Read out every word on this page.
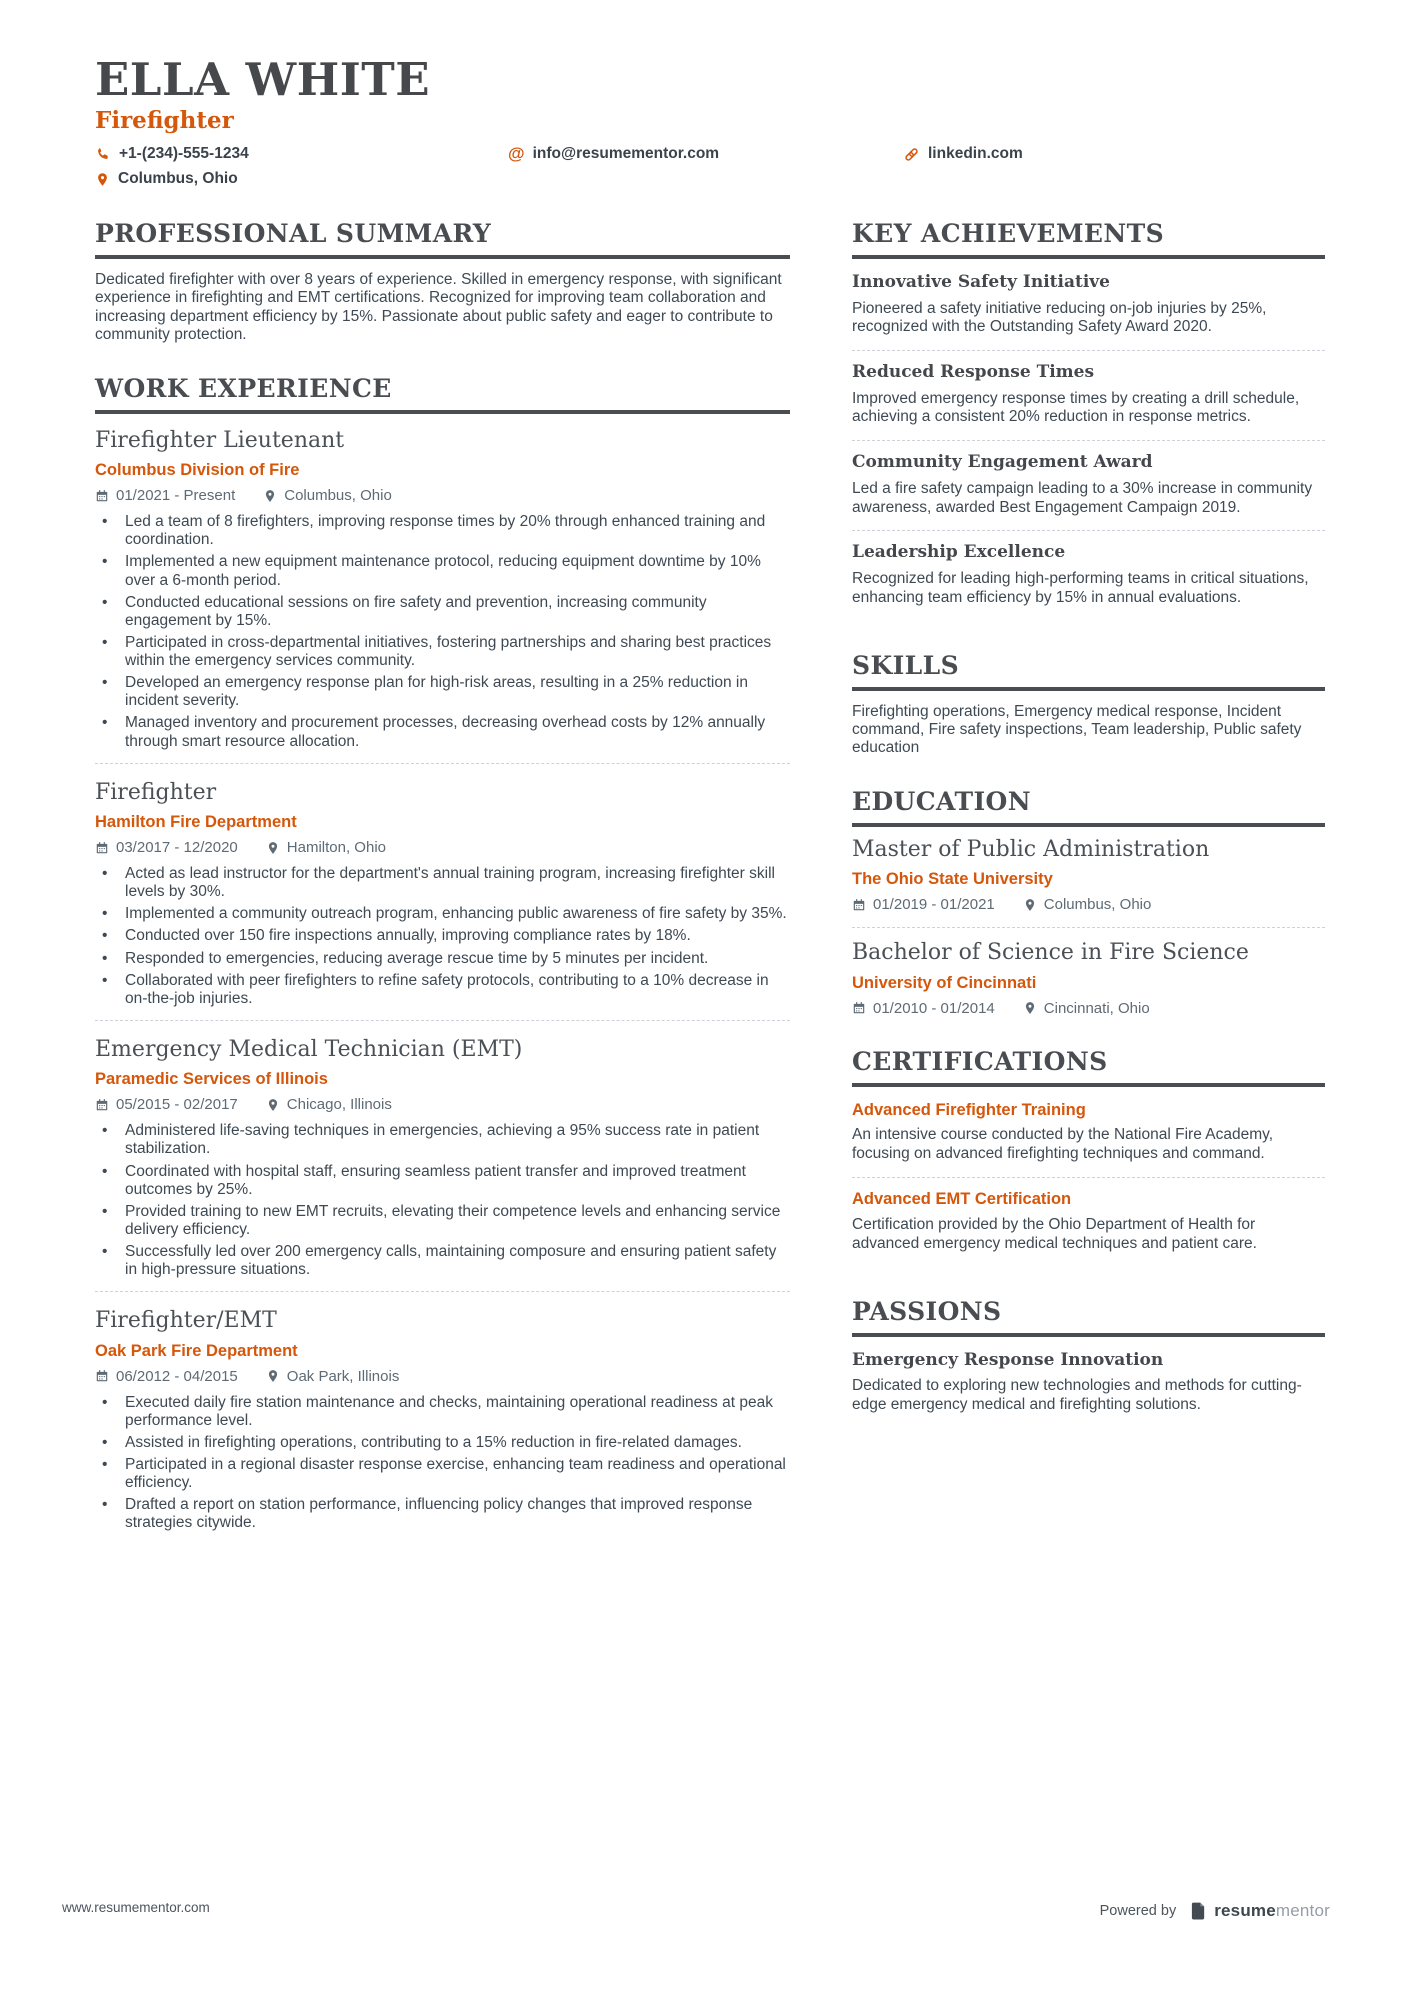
ELLA WHITE
Firefighter
+1-(234)-555-1234	@ info@resumementor.com	linkedin.com
Columbus, Ohio
PROFESSIONAL SUMMARY

Dedicated firefighter with over 8 years of experience. Skilled in emergency response, with significant experience in firefighting and EMT certifications. Recognized for improving team collaboration and increasing department efficiency by 15%. Passionate about public safety and eager to contribute to community protection.

WORK EXPERIENCE
Firefighter Lieutenant
Columbus Division of Fire
01/2021 - Present	Columbus, Ohio
• Led a team of 8 firefighters, improving response times by 20% through enhanced training and coordination.
• Implemented a new equipment maintenance protocol, reducing equipment downtime by 10% over a 6-month period.
• Conducted educational sessions on fire safety and prevention, increasing community engagement by 15%.
• Participated in cross-departmental initiatives, fostering partnerships and sharing best practices within the emergency services community.
• Developed an emergency response plan for high-risk areas, resulting in a 25% reduction in incident severity.
• Managed inventory and procurement processes, decreasing overhead costs by 12% annually through smart resource allocation.
Firefighter
Hamilton Fire Department
03/2017 - 12/2020	Hamilton, Ohio
• Acted as lead instructor for the department's annual training program, increasing firefighter skill levels by 30%.
• Implemented a community outreach program, enhancing public awareness of fire safety by 35%.
• Conducted over 150 fire inspections annually, improving compliance rates by 18%.
• Responded to emergencies, reducing average rescue time by 5 minutes per incident.
• Collaborated with peer firefighters to refine safety protocols, contributing to a 10% decrease in on-the-job injuries.
Emergency Medical Technician (EMT)
Paramedic Services of Illinois
05/2015 - 02/2017	Chicago, Illinois
• Administered life-saving techniques in emergencies, achieving a 95% success rate in patient stabilization.
• Coordinated with hospital staff, ensuring seamless patient transfer and improved treatment outcomes by 25%.
• Provided training to new EMT recruits, elevating their competence levels and enhancing service delivery efficiency.
• Successfully led over 200 emergency calls, maintaining composure and ensuring patient safety in high-pressure situations.
Firefighter/EMT
Oak Park Fire Department
06/2012 - 04/2015	Oak Park, Illinois
• Executed daily fire station maintenance and checks, maintaining operational readiness at peak performance level.
• Assisted in firefighting operations, contributing to a 15% reduction in fire-related damages.
• Participated in a regional disaster response exercise, enhancing team readiness and operational efficiency.
• Drafted a report on station performance, influencing policy changes that improved response strategies citywide.
KEY ACHIEVEMENTS
Innovative Safety Initiative

Pioneered a safety initiative reducing on-job injuries by 25%, recognized with the Outstanding Safety Award 2020.

Reduced Response Times

Improved emergency response times by creating a drill schedule, achieving a consistent 20% reduction in response metrics.

Community Engagement Award

Led a fire safety campaign leading to a 30% increase in community awareness, awarded Best Engagement Campaign 2019.

Leadership Excellence

Recognized for leading high-performing teams in critical situations, enhancing team efficiency by 15% in annual evaluations.

SKILLS

Firefighting operations, Emergency medical response, Incident command, Fire safety inspections, Team leadership, Public safety education

EDUCATION
Master of Public Administration
The Ohio State University
01/2019 - 01/2021	Columbus, Ohio
Bachelor of Science in Fire Science
University of Cincinnati
01/2010 - 01/2014	Cincinnati, Ohio
CERTIFICATIONS
Advanced Firefighter Training

An intensive course conducted by the National Fire Academy, focusing on advanced firefighting techniques and command.

Advanced EMT Certification

Certification provided by the Ohio Department of Health for advanced emergency medical techniques and patient care.

PASSIONS
Emergency Response Innovation

Dedicated to exploring new technologies and methods for cutting-edge emergency medical and firefighting solutions.

www.resumementor.com	Powered by resumementor
